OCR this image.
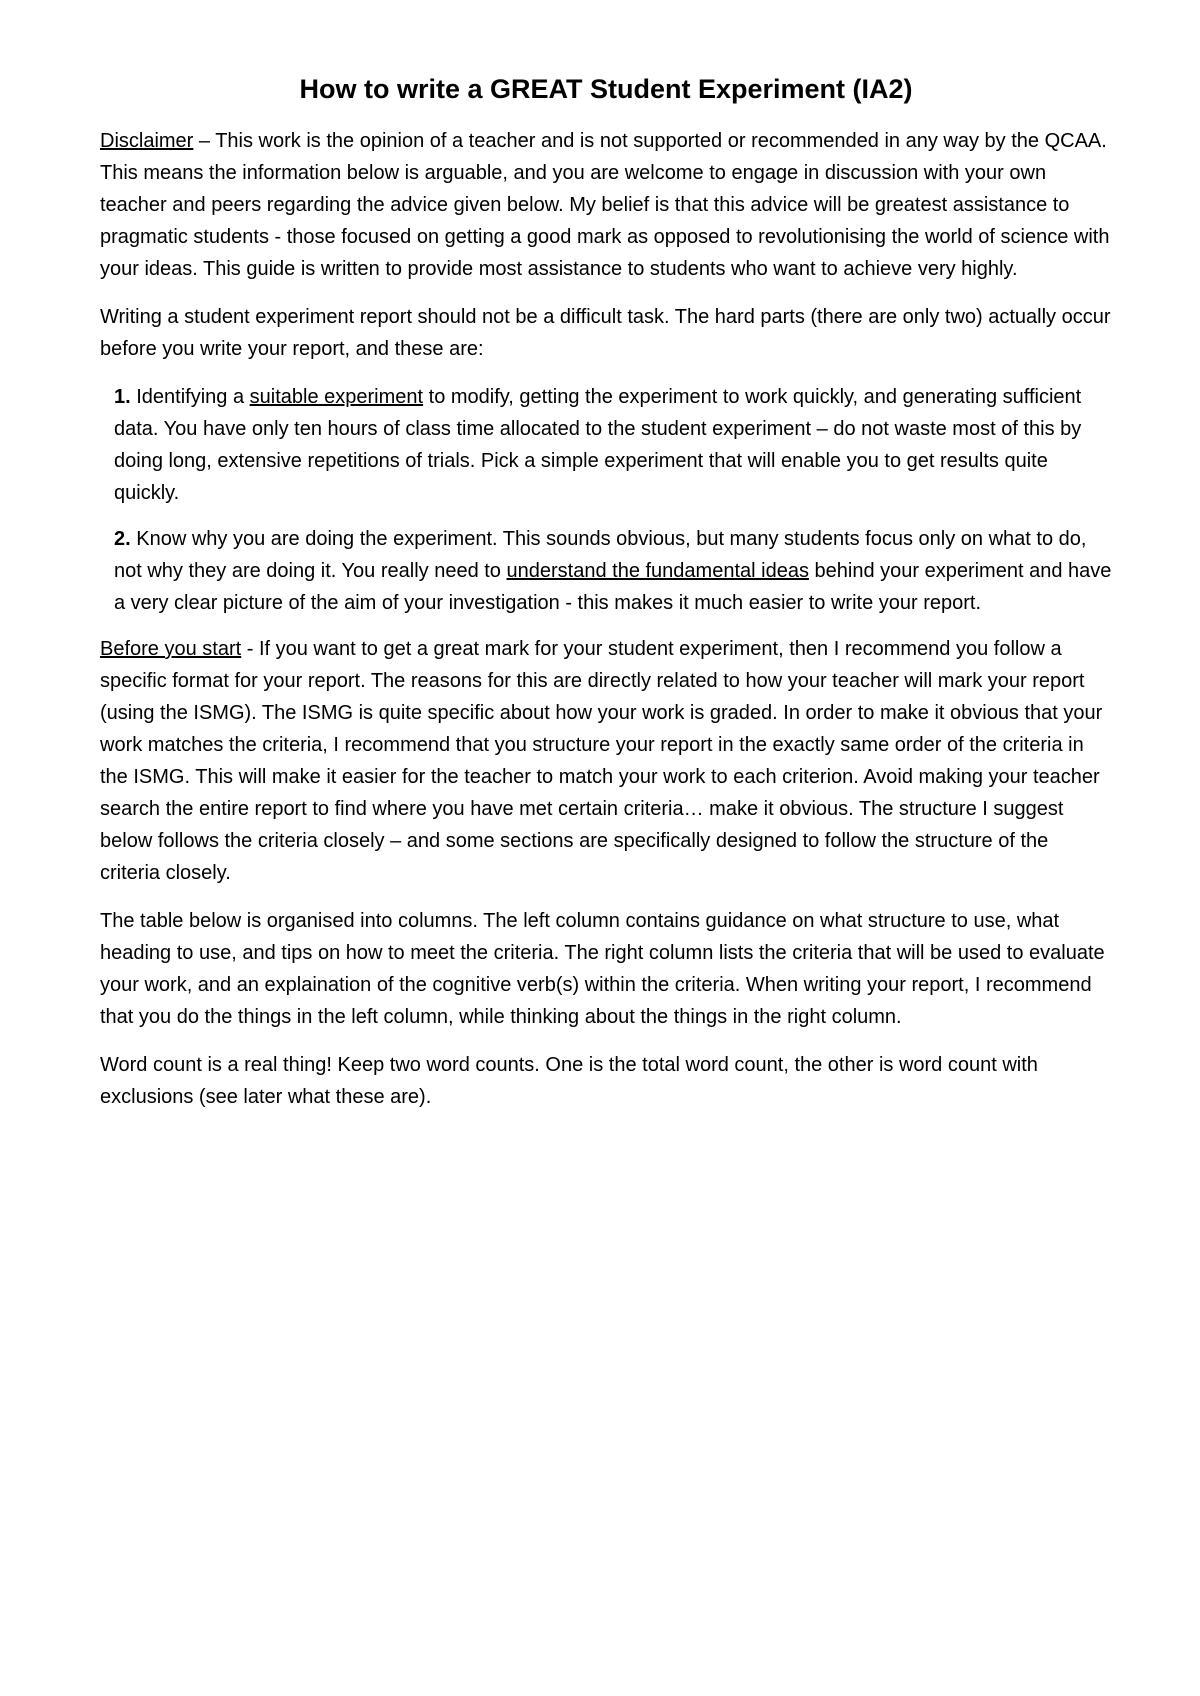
How to write a GREAT Student Experiment (IA2)

Disclaimer – This work is the opinion of a teacher and is not supported or recommended in any way by the QCAA. This means the information below is arguable, and you are welcome to engage in discussion with your own teacher and peers regarding the advice given below. My belief is that this advice will be greatest assistance to pragmatic students - those focused on getting a good mark as opposed to revolutionising the world of science with your ideas. This guide is written to provide most assistance to students who want to achieve very highly.

Writing a student experiment report should not be a difficult task. The hard parts (there are only two) actually occur before you write your report, and these are:

1. Identifying a suitable experiment to modify, getting the experiment to work quickly, and generating sufficient data. You have only ten hours of class time allocated to the student experiment – do not waste most of this by doing long, extensive repetitions of trials. Pick a simple experiment that will enable you to get results quite quickly.
2. Know why you are doing the experiment. This sounds obvious, but many students focus only on what to do, not why they are doing it. You really need to understand the fundamental ideas behind your experiment and have a very clear picture of the aim of your investigation - this makes it much easier to write your report.

Before you start - If you want to get a great mark for your student experiment, then I recommend you follow a specific format for your report. The reasons for this are directly related to how your teacher will mark your report (using the ISMG). The ISMG is quite specific about how your work is graded. In order to make it obvious that your work matches the criteria, I recommend that you structure your report in the exactly same order of the criteria in the ISMG. This will make it easier for the teacher to match your work to each criterion. Avoid making your teacher search the entire report to find where you have met certain criteria… make it obvious. The structure I suggest below follows the criteria closely – and some sections are specifically designed to follow the structure of the criteria closely.

The table below is organised into columns. The left column contains guidance on what structure to use, what heading to use, and tips on how to meet the criteria. The right column lists the criteria that will be used to evaluate your work, and an explaination of the cognitive verb(s) within the criteria. When writing your report, I recommend that you do the things in the left column, while thinking about the things in the right column.

Word count is a real thing! Keep two word counts. One is the total word count, the other is word count with exclusions (see later what these are).
